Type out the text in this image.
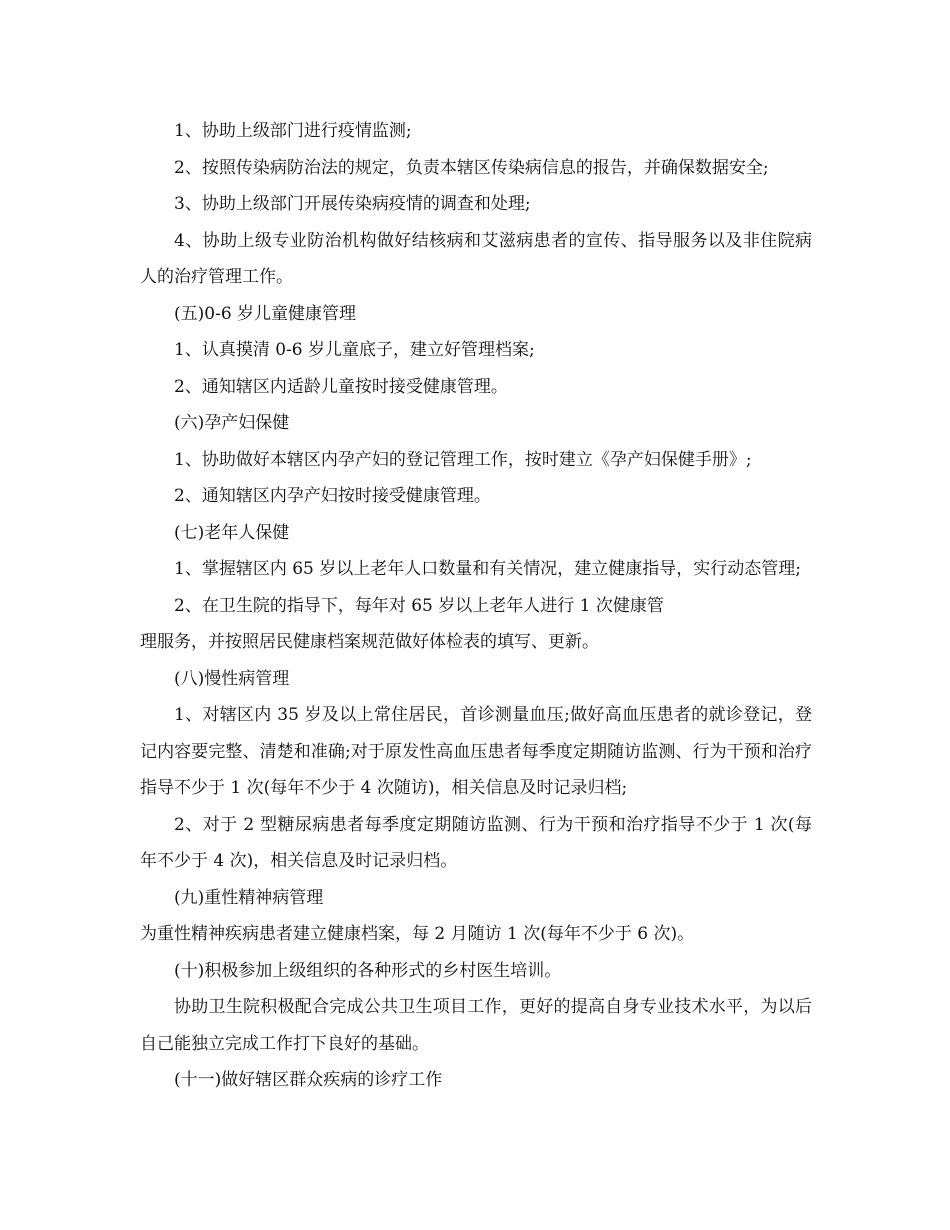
1、协助上级部门进行疫情监测;

2、按照传染病防治法的规定，负责本辖区传染病信息的报告，并确保数据安全;

3、协助上级部门开展传染病疫情的调查和处理;

4、协助上级专业防治机构做好结核病和艾滋病患者的宣传、指导服务以及非住院病人的治疗管理工作。

(五)0-6 岁儿童健康管理

1、认真摸清 0-6 岁儿童底子，建立好管理档案;

2、通知辖区内适龄儿童按时接受健康管理。

(六)孕产妇保健

1、协助做好本辖区内孕产妇的登记管理工作，按时建立《孕产妇保健手册》;

2、通知辖区内孕产妇按时接受健康管理。

(七)老年人保健

1、掌握辖区内 65 岁以上老年人口数量和有关情况，建立健康指导，实行动态管理;

2、在卫生院的指导下，每年对 65 岁以上老年人进行 1 次健康管

理服务，并按照居民健康档案规范做好体检表的填写、更新。

(八)慢性病管理

1、对辖区内 35 岁及以上常住居民，首诊测量血压;做好高血压患者的就诊登记，登记内容要完整、清楚和准确;对于原发性高血压患者每季度定期随访监测、行为干预和治疗指导不少于 1 次(每年不少于 4 次随访)，相关信息及时记录归档;

2、对于 2 型糖尿病患者每季度定期随访监测、行为干预和治疗指导不少于 1 次(每年不少于 4 次)，相关信息及时记录归档。

(九)重性精神病管理

为重性精神疾病患者建立健康档案，每 2 月随访 1 次(每年不少于 6 次)。

(十)积极参加上级组织的各种形式的乡村医生培训。

协助卫生院积极配合完成公共卫生项目工作，更好的提高自身专业技术水平，为以后自己能独立完成工作打下良好的基础。

(十一)做好辖区群众疾病的诊疗工作
